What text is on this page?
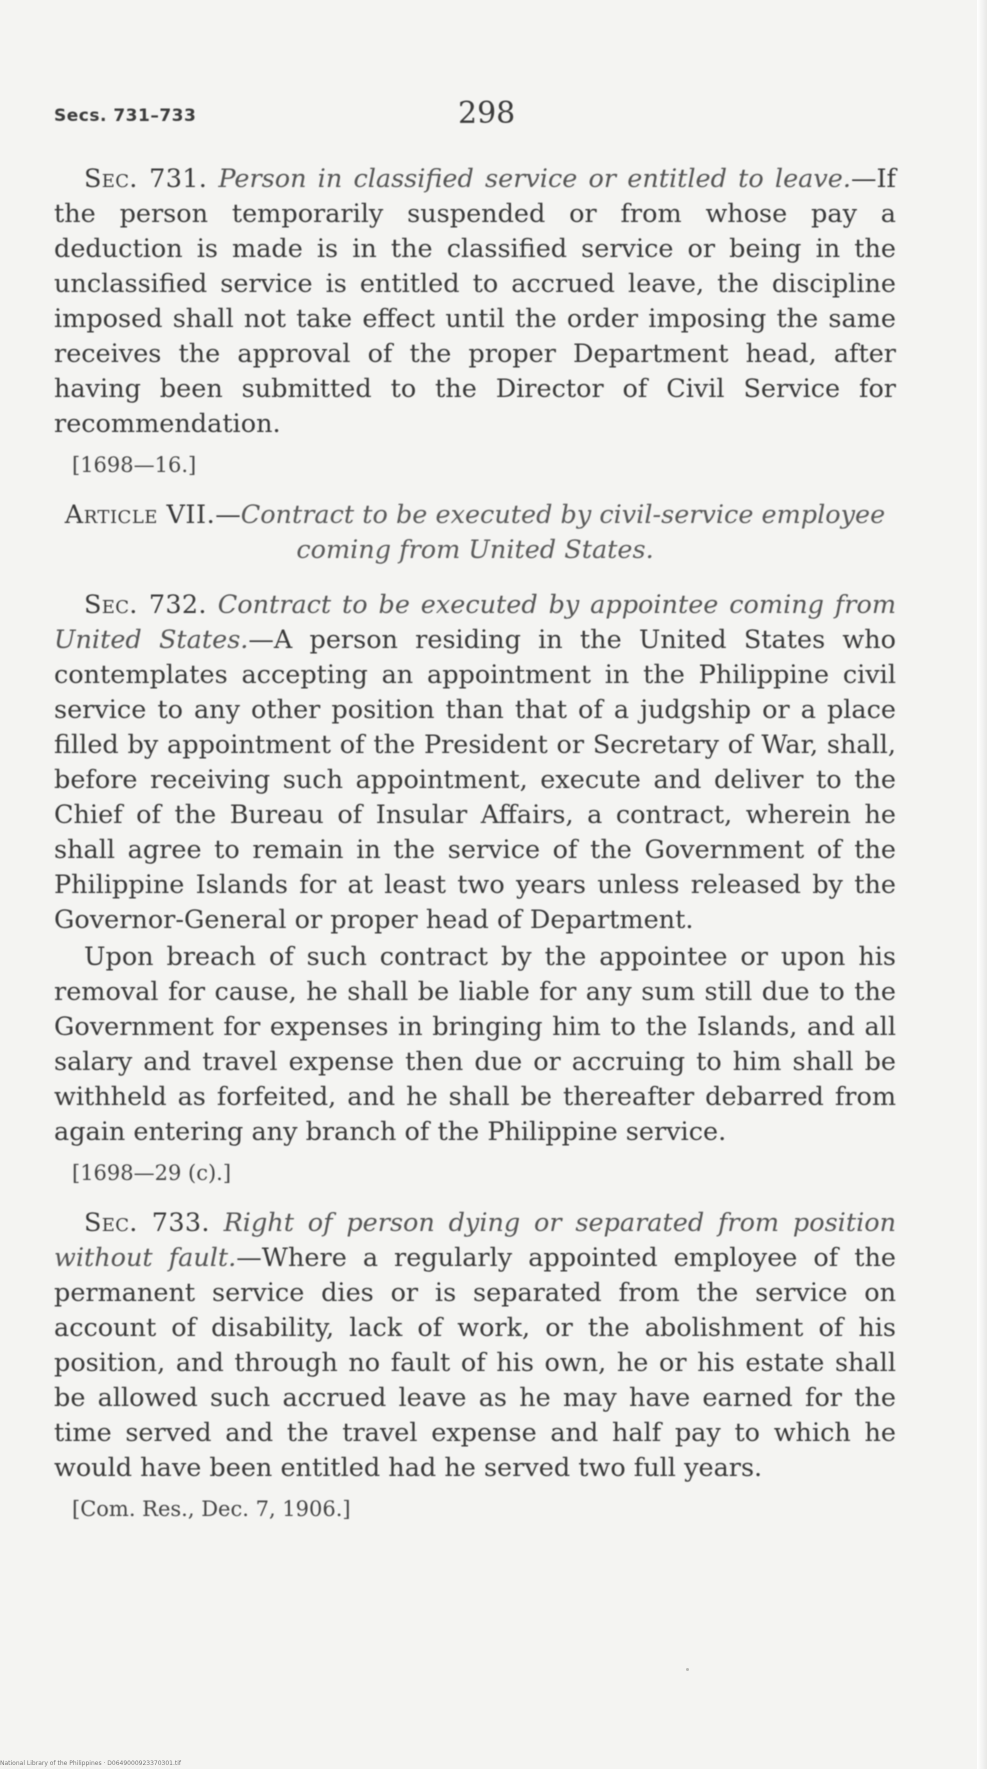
Secs. 731–733	298

Sec. 731. Person in classified service or entitled to leave.—If the person temporarily suspended or from whose pay a deduction is made is in the classified service or being in the unclassified service is entitled to accrued leave, the discipline imposed shall not take effect until the order imposing the same receives the approval of the proper Department head, after having been submitted to the Director of Civil Service for recommendation.

[1698—16.]
Article VII.—Contract to be executed by civil-service employee coming from United States.

Sec. 732. Contract to be executed by appointee coming from United States.—A person residing in the United States who contemplates accepting an appointment in the Philippine civil service to any other position than that of a judgship or a place filled by appointment of the President or Secretary of War, shall, before receiving such appointment, execute and deliver to the Chief of the Bureau of Insular Affairs, a contract, wherein he shall agree to remain in the service of the Government of the Philippine Islands for at least two years unless released by the Governor-General or proper head of Department.

Upon breach of such contract by the appointee or upon his removal for cause, he shall be liable for any sum still due to the Government for expenses in bringing him to the Islands, and all salary and travel expense then due or accruing to him shall be withheld as forfeited, and he shall be thereafter debarred from again entering any branch of the Philippine service.

[1698—29 (c).]

Sec. 733. Right of person dying or separated from position without fault.—Where a regularly appointed employee of the permanent service dies or is separated from the service on account of disability, lack of work, or the abolishment of his position, and through no fault of his own, he or his estate shall be allowed such accrued leave as he may have earned for the time served and the travel expense and half pay to which he would have been entitled had he served two full years.

[Com. Res., Dec. 7, 1906.]
National Library of the Philippines · D0649000923370301.tif
